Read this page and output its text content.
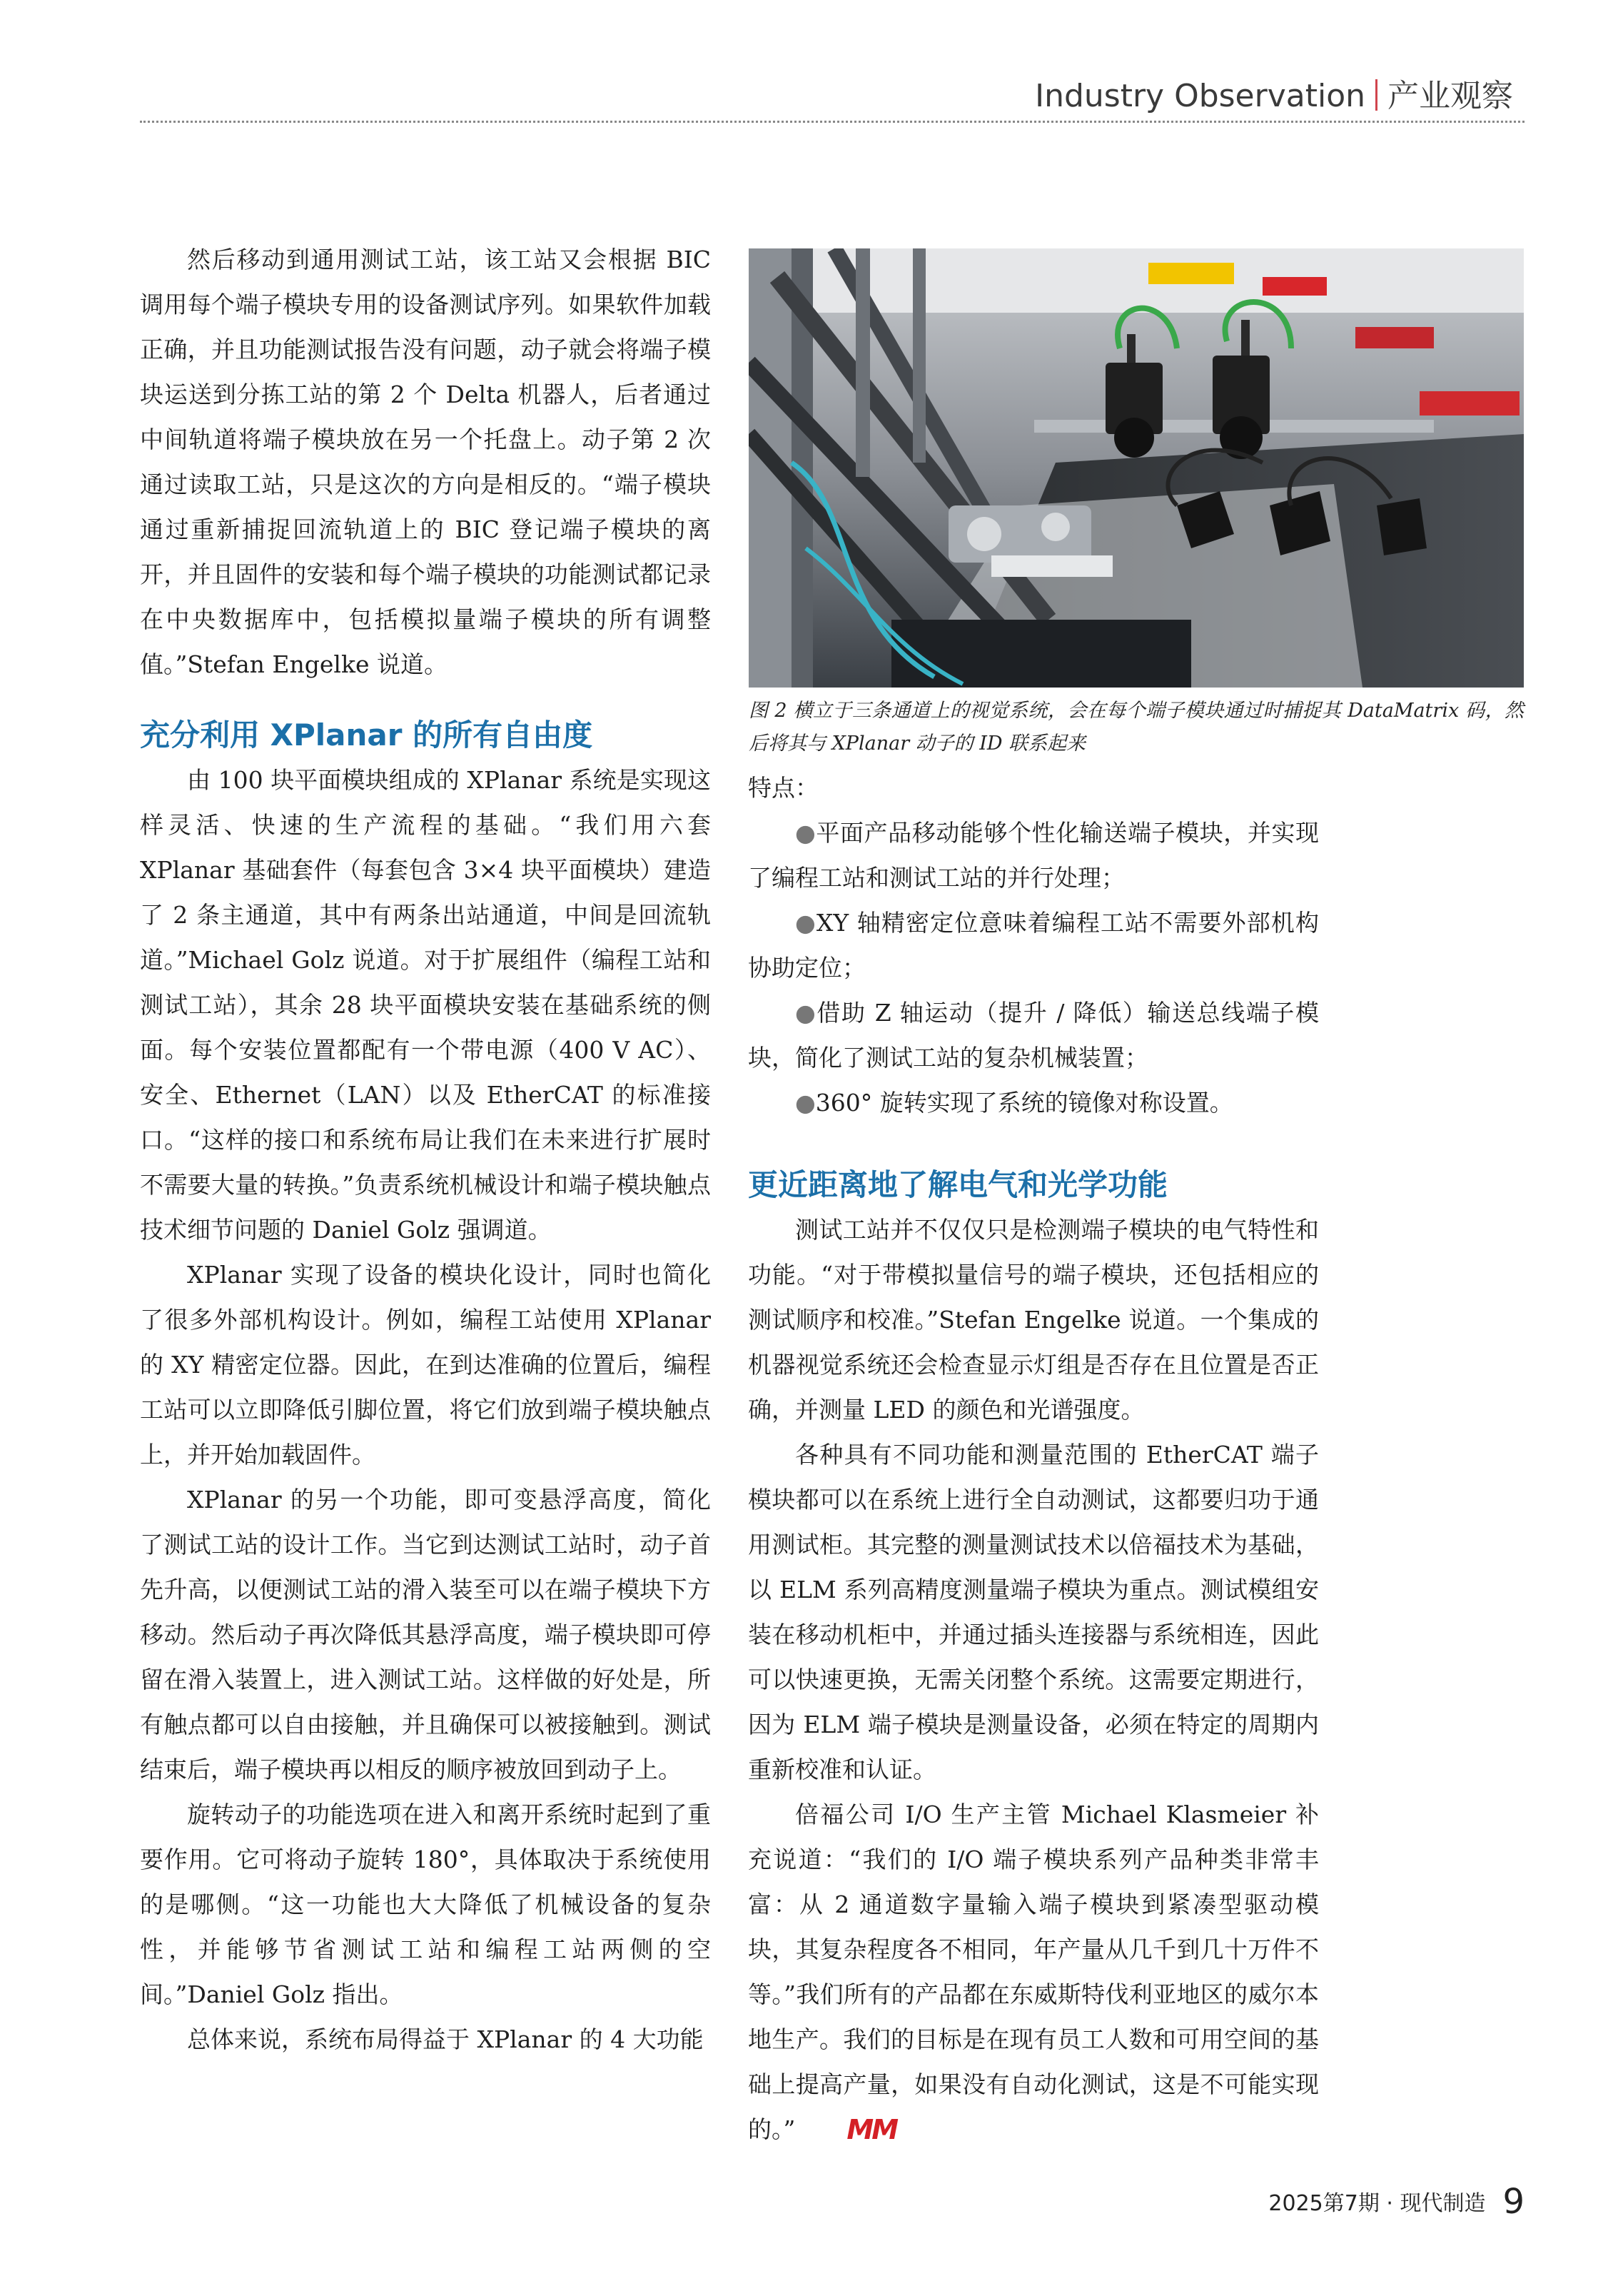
Industry Observation 产业观察

然后移动到通用测试工站，该工站又会根据 BIC 调用每个端子模块专用的设备测试序列。如果软件加载正确，并且功能测试报告没有问题，动子就会将端子模块运送到分拣工站的第 2 个 Delta 机器人，后者通过中间轨道将端子模块放在另一个托盘上。动子第 2 次通过读取工站，只是这次的方向是相反的。“端子模块通过重新捕捉回流轨道上的 BIC 登记端子模块的离开，并且固件的安装和每个端子模块的功能测试都记录在中央数据库中，包括模拟量端子模块的所有调整值。”Stefan Engelke 说道。

充分利用 XPlanar 的所有自由度

由 100 块平面模块组成的 XPlanar 系统是实现这样灵活、快速的生产流程的基础。“我们用六套 XPlanar 基础套件（每套包含 3×4 块平面模块）建造了 2 条主通道，其中有两条出站通道，中间是回流轨道。”Michael Golz 说道。对于扩展组件（编程工站和测试工站），其余 28 块平面模块安装在基础系统的侧面。每个安装位置都配有一个带电源（400 V AC）、安全、Ethernet（LAN）以及 EtherCAT 的标准接口。“这样的接口和系统布局让我们在未来进行扩展时不需要大量的转换。”负责系统机械设计和端子模块触点技术细节问题的 Daniel Golz 强调道。

XPlanar 实现了设备的模块化设计，同时也简化了很多外部机构设计。例如，编程工站使用 XPlanar 的 XY 精密定位器。因此，在到达准确的位置后，编程工站可以立即降低引脚位置，将它们放到端子模块触点上，并开始加载固件。

XPlanar 的另一个功能，即可变悬浮高度，简化了测试工站的设计工作。当它到达测试工站时，动子首先升高，以便测试工站的滑入装至可以在端子模块下方移动。然后动子再次降低其悬浮高度，端子模块即可停留在滑入装置上，进入测试工站。这样做的好处是，所有触点都可以自由接触，并且确保可以被接触到。测试结束后，端子模块再以相反的顺序被放回到动子上。

旋转动子的功能选项在进入和离开系统时起到了重要作用。它可将动子旋转 180°，具体取决于系统使用的是哪侧。“这一功能也大大降低了机械设备的复杂性，并能够节省测试工站和编程工站两侧的空间。”Daniel Golz 指出。

总体来说，系统布局得益于 XPlanar 的 4 大功能

图 2 横立于三条通道上的视觉系统，会在每个端子模块通过时捕捉其 DataMatrix 码，然后将其与 XPlanar 动子的 ID 联系起来

特点：

●平面产品移动能够个性化输送端子模块，并实现了编程工站和测试工站的并行处理；

●XY 轴精密定位意味着编程工站不需要外部机构协助定位；

●借助 Z 轴运动（提升 / 降低）输送总线端子模块，简化了测试工站的复杂机械装置；

●360° 旋转实现了系统的镜像对称设置。

更近距离地了解电气和光学功能

测试工站并不仅仅只是检测端子模块的电气特性和功能。“对于带模拟量信号的端子模块，还包括相应的测试顺序和校准。”Stefan Engelke 说道。一个集成的机器视觉系统还会检查显示灯组是否存在且位置是否正确，并测量 LED 的颜色和光谱强度。

各种具有不同功能和测量范围的 EtherCAT 端子模块都可以在系统上进行全自动测试，这都要归功于通用测试柜。其完整的测量测试技术以倍福技术为基础，以 ELM 系列高精度测量端子模块为重点。测试模组安装在移动机柜中，并通过插头连接器与系统相连，因此可以快速更换，无需关闭整个系统。这需要定期进行，因为 ELM 端子模块是测量设备，必须在特定的周期内重新校准和认证。

倍福公司 I/O 生产主管 Michael Klasmeier 补充说道：“我们的 I/O 端子模块系列产品种类非常丰富：从 2 通道数字量输入端子模块到紧凑型驱动模块，其复杂程度各不相同，年产量从几千到几十万件不等。”我们所有的产品都在东威斯特伐利亚地区的威尔本地生产。我们的目标是在现有员工人数和可用空间的基础上提高产量，如果没有自动化测试，这是不可能实现的。” MM

2025第7期 · 现代制造 9
